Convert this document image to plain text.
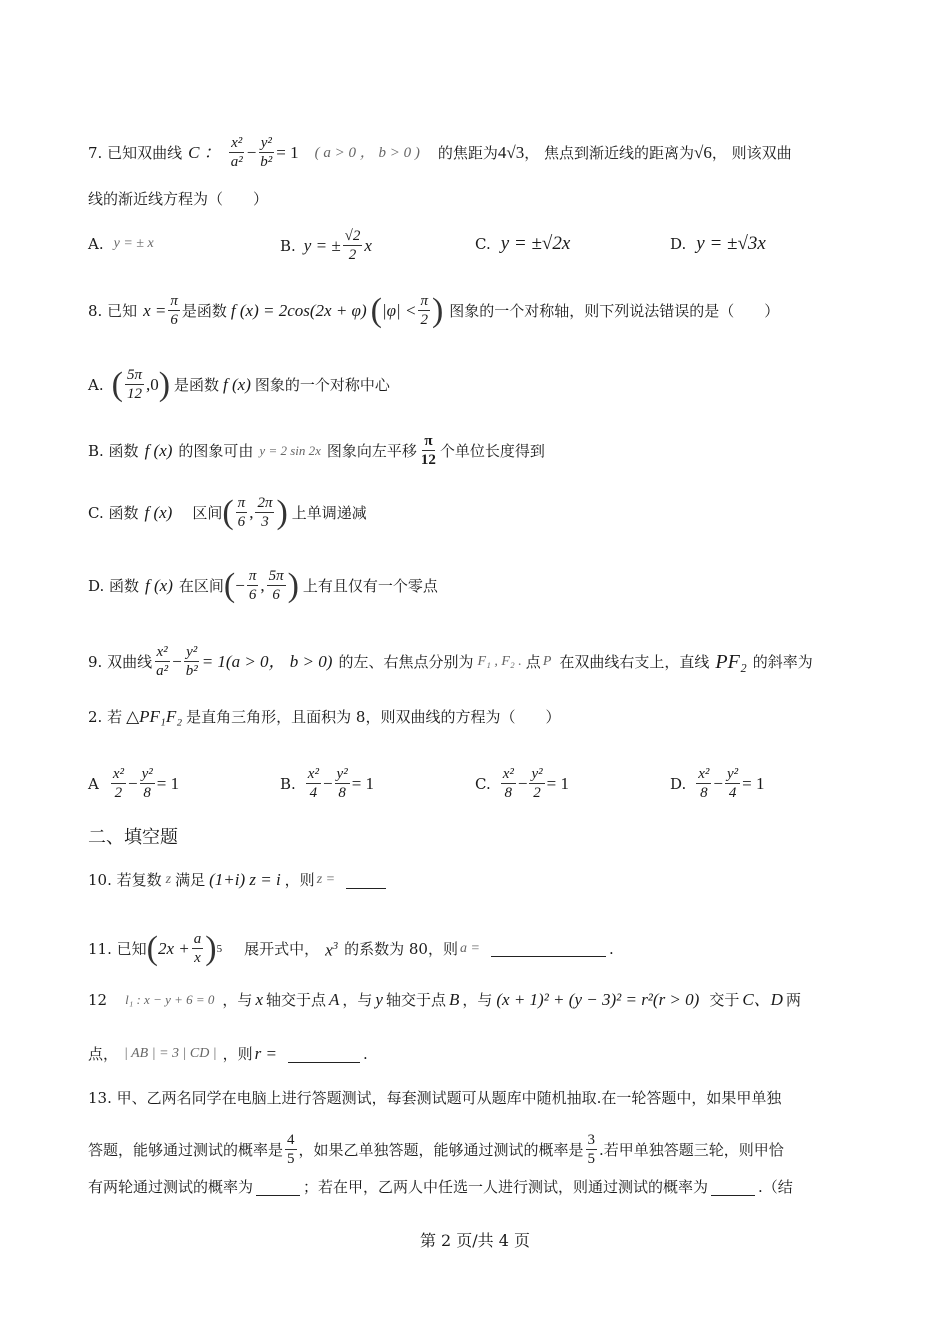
7. 已知双曲线 C ： $\frac{\text{x²}}{\text{a²}} - \frac{\text{y²}}{\text{b²}} = 1$ ( a > 0 ， b > 0 ) 的焦距为 4√3 ， 焦点到渐近线的距离为 √6 ， 则该双曲
线的渐近线方程为（　　）
A. y = ± x	B. y = ± $\frac{√2}{2}$ x	C. y = ±√2x	D. y = ±√3x
8. 已知 $x = \frac{\pi}{6}$ 是函数 f (x) = 2cos(2x + φ) ( $|\varphi| < \frac{\pi}{2}$ ) 图象的一个对称轴，则下列说法错误的是（　　）
A. ( $\frac{5\pi}{12} ,0$ ) 是函数 f (x) 图象的一个对称中心
B. 函数 f (x) 的图象可由 y = 2 sin 2x 图象向左平移 $\frac{\pi}{12}$ 个单位长度得到
C. 函数 f (x) 区间 ( $\frac{\pi}{6}$ , $\frac{2\pi}{3}$ ) 上单调递减
D. 函数 f (x) 在区间 ( − $\frac{\pi}{6}$ , $\frac{5\pi}{6}$ ) 上有且仅有一个零点
9. 双曲线 $\frac{\text{x²}}{\text{a²}} - \frac{\text{y²}}{\text{b²}} = 1(a > 0$， b > 0) 的左、右焦点分别为 F₁ , F₂ . 点 P 在双曲线右支上，直线 PF₂ 的斜率为
2. 若 △PF₁F₂ 是直角三角形，且面积为 8，则双曲线的方程为（　　）
A $\frac{\text{x²}}{2} - \frac{\text{y²}}{8} = 1$	B. $\frac{\text{x²}}{4} - \frac{\text{y²}}{8} = 1$	C. $\frac{\text{x²}}{8} - \frac{\text{y²}}{2} = 1$	D. $\frac{\text{x²}}{8} - \frac{\text{y²}}{4} = 1$
二、填空题
10. 若复数 z 满足 (1+i) z = i ，则 z =
11. 已知 ( $2x + \frac{a}{x}$ ) 5 展开式中， $x^3$ 的系数为 80，则 a =	.
12 l₁ : x − y + 6 = 0 ，与 x 轴交于点 A ，与 y 轴交于点 B ，与 (x + 1)² + (y − 3)² = r²(r > 0) 交于 C、D 两
点， | AB | = 3 | CD | ，则 r =	.
13. 甲、乙两名同学在电脑上进行答题测试，每套测试题可从题库中随机抽取.在一轮答题中，如果甲单独
答题，能够通过测试的概率是 $\frac{4}{5}$ ，如果乙单独答题，能够通过测试的概率是 $\frac{3}{5}$ .若甲单独答题三轮，则甲恰
有两轮通过测试的概率为	；若在甲，乙两人中任选一人进行测试，则通过测试的概率为	.（结
第 2 页/共 4 页
